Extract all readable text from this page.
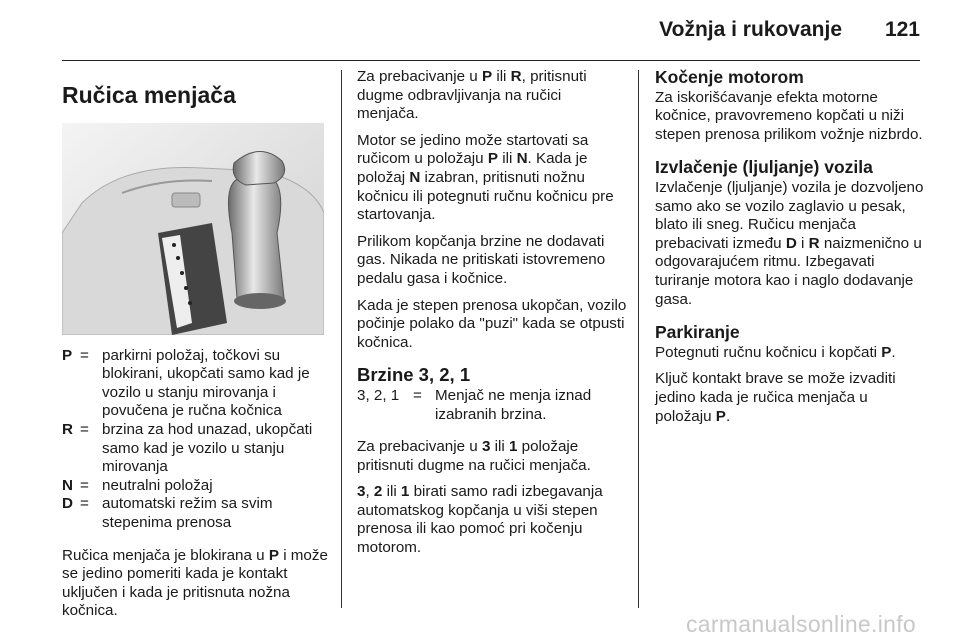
Vožnja i rukovanje 121
Ručica menjača
P = parkirni položaj, točkovi su blokirani, ukopčati samo kad je vozilo u stanju mirovanja i povučena je ručna kočnica
R = brzina za hod unazad, ukopčati samo kad je vozilo u stanju mirovanja
N = neutralni položaj
D = automatski režim sa svim stepenima prenosa

Ručica menjača je blokirana u P i može se jedino pomeriti kada je kontakt uključen i kada je pritisnuta nožna kočnica.

Za prebacivanje u P ili R, pritisnuti dugme odbravljivanja na ručici menjača.

Motor se jedino može startovati sa ručicom u položaju P ili N. Kada je položaj N izabran, pritisnuti nožnu kočnicu ili potegnuti ručnu kočnicu pre startovanja.

Prilikom kopčanja brzine ne dodavati gas. Nikada ne pritiskati istovremeno pedalu gasa i kočnice.

Kada je stepen prenosa ukopčan, vozilo počinje polako da "puzi" kada se otpusti kočnica.

Brzine 3, 2, 1
3, 2, 1 = Menjač ne menja iznad izabranih brzina.

Za prebacivanje u 3 ili 1 položaje pritisnuti dugme na ručici menjača.

3, 2 ili 1 birati samo radi izbegavanja automatskog kopčanja u viši stepen prenosa ili kao pomoć pri kočenju motorom.

Kočenje motorom

Za iskorišćavanje efekta motorne kočnice, pravovremeno kopčati u niži stepen prenosa prilikom vožnje nizbrdo.

Izvlačenje (ljuljanje) vozila

Izvlačenje (ljuljanje) vozila je dozvoljeno samo ako se vozilo zaglavio u pesak, blato ili sneg. Ručicu menjača prebacivati između D i R naizmenično u odgovarajućem ritmu. Izbegavati turiranje motora kao i naglo dodavanje gasa.

Parkiranje

Potegnuti ručnu kočnicu i kopčati P.

Ključ kontakt brave se može izvaditi jedino kada je ručica menjača u položaju P.

carmanualsonline.info
